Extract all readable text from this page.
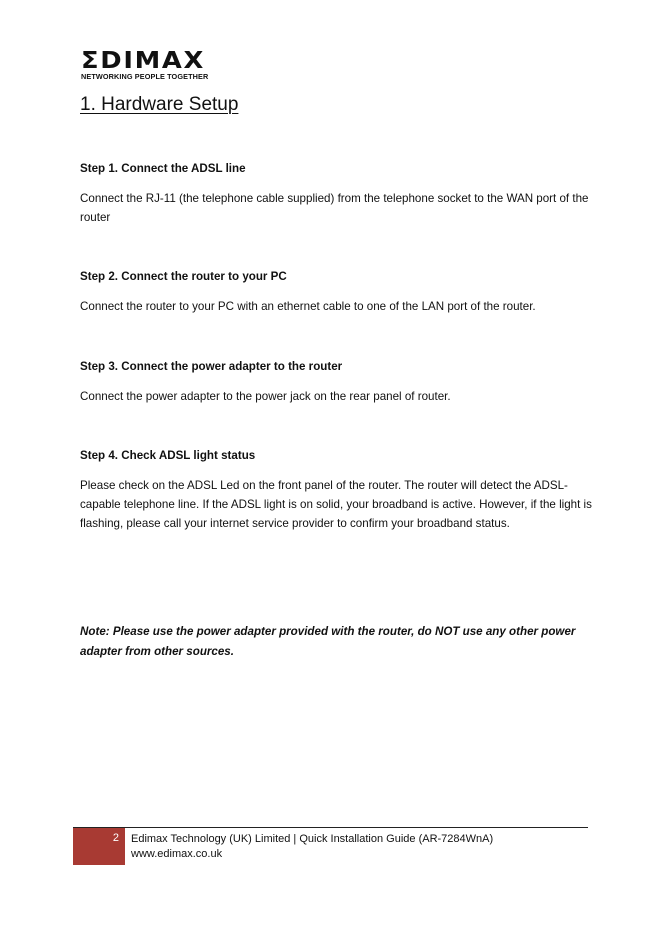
ΣDIMAX
NETWORKING PEOPLE TOGETHER
1. Hardware Setup
Step 1. Connect the ADSL line

Connect the RJ-11 (the telephone cable supplied) from the telephone socket to the WAN port of the router

Step 2. Connect the router to your PC

Connect the router to your PC with an ethernet cable to one of the LAN port of the router.

Step 3. Connect the power adapter to the router

Connect the power adapter to the power jack on the rear panel of router.

Step 4. Check ADSL light status

Please check on the ADSL Led on the front panel of the router. The router will detect the ADSL-capable telephone line. If the ADSL light is on solid, your broadband is active. However, if the light is flashing, please call your internet service provider to confirm your broadband status.

Note: Please use the power adapter provided with the router, do NOT use any other power adapter from other sources.

2 Edimax Technology (UK) Limited | Quick Installation Guide (AR-7284WnA)
www.edimax.co.uk
